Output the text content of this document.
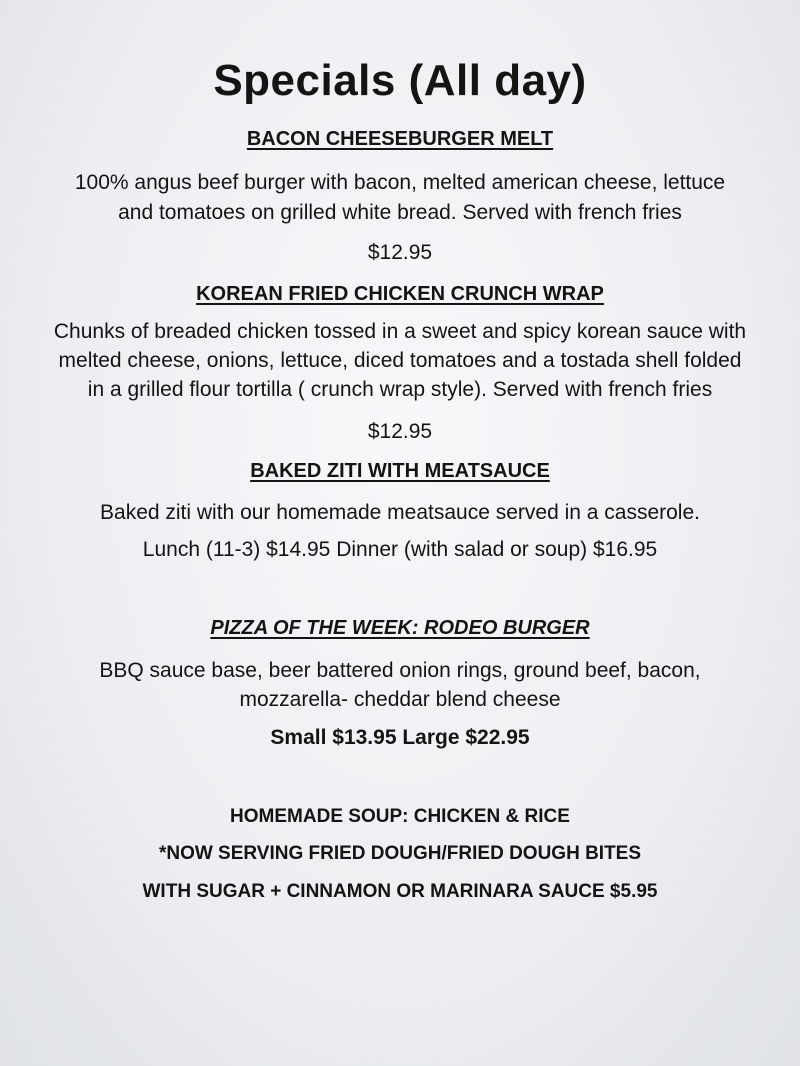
Specials (All day)
BACON CHEESEBURGER MELT
100% angus beef burger with bacon, melted american cheese, lettuce
and tomatoes on grilled white bread. Served with french fries
$12.95
KOREAN FRIED CHICKEN CRUNCH WRAP
Chunks of breaded chicken tossed in a sweet and spicy korean sauce with
melted cheese, onions, lettuce, diced tomatoes and a tostada shell folded
in a grilled flour tortilla ( crunch wrap style). Served with french fries
$12.95
BAKED ZITI WITH MEATSAUCE
Baked ziti with our homemade meatsauce served in a casserole.
Lunch (11-3) $14.95 Dinner (with salad or soup) $16.95
PIZZA OF THE WEEK: RODEO BURGER
BBQ sauce base, beer battered onion rings, ground beef, bacon,
mozzarella- cheddar blend cheese
Small $13.95 Large $22.95
HOMEMADE SOUP: CHICKEN & RICE
*NOW SERVING FRIED DOUGH/FRIED DOUGH BITES
WITH SUGAR + CINNAMON OR MARINARA SAUCE $5.95
